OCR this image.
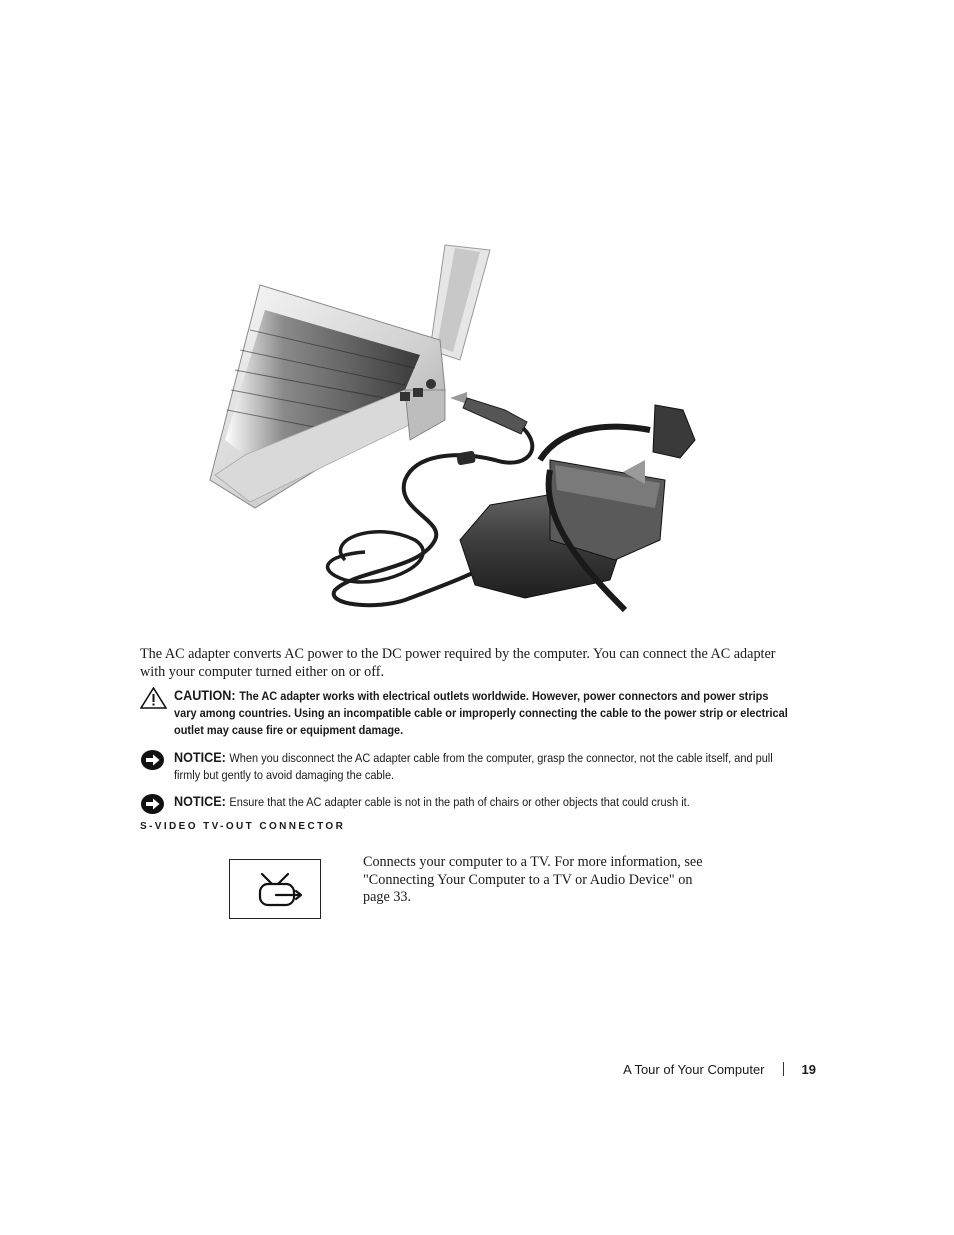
The AC adapter converts AC power to the DC power required by the computer. You can connect the AC adapter with your computer turned either on or off.

CAUTION: The AC adapter works with electrical outlets worldwide. However, power connectors and power strips vary among countries. Using an incompatible cable or improperly connecting the cable to the power strip or electrical outlet may cause fire or equipment damage.
NOTICE: When you disconnect the AC adapter cable from the computer, grasp the connector, not the cable itself, and pull firmly but gently to avoid damaging the cable.
NOTICE: Ensure that the AC adapter cable is not in the path of chairs or other objects that could crush it.
S-VIDEO TV-OUT CONNECTOR

Connects your computer to a TV. For more information, see "Connecting Your Computer to a TV or Audio Device" on page 33.

A Tour of Your Computer	19
